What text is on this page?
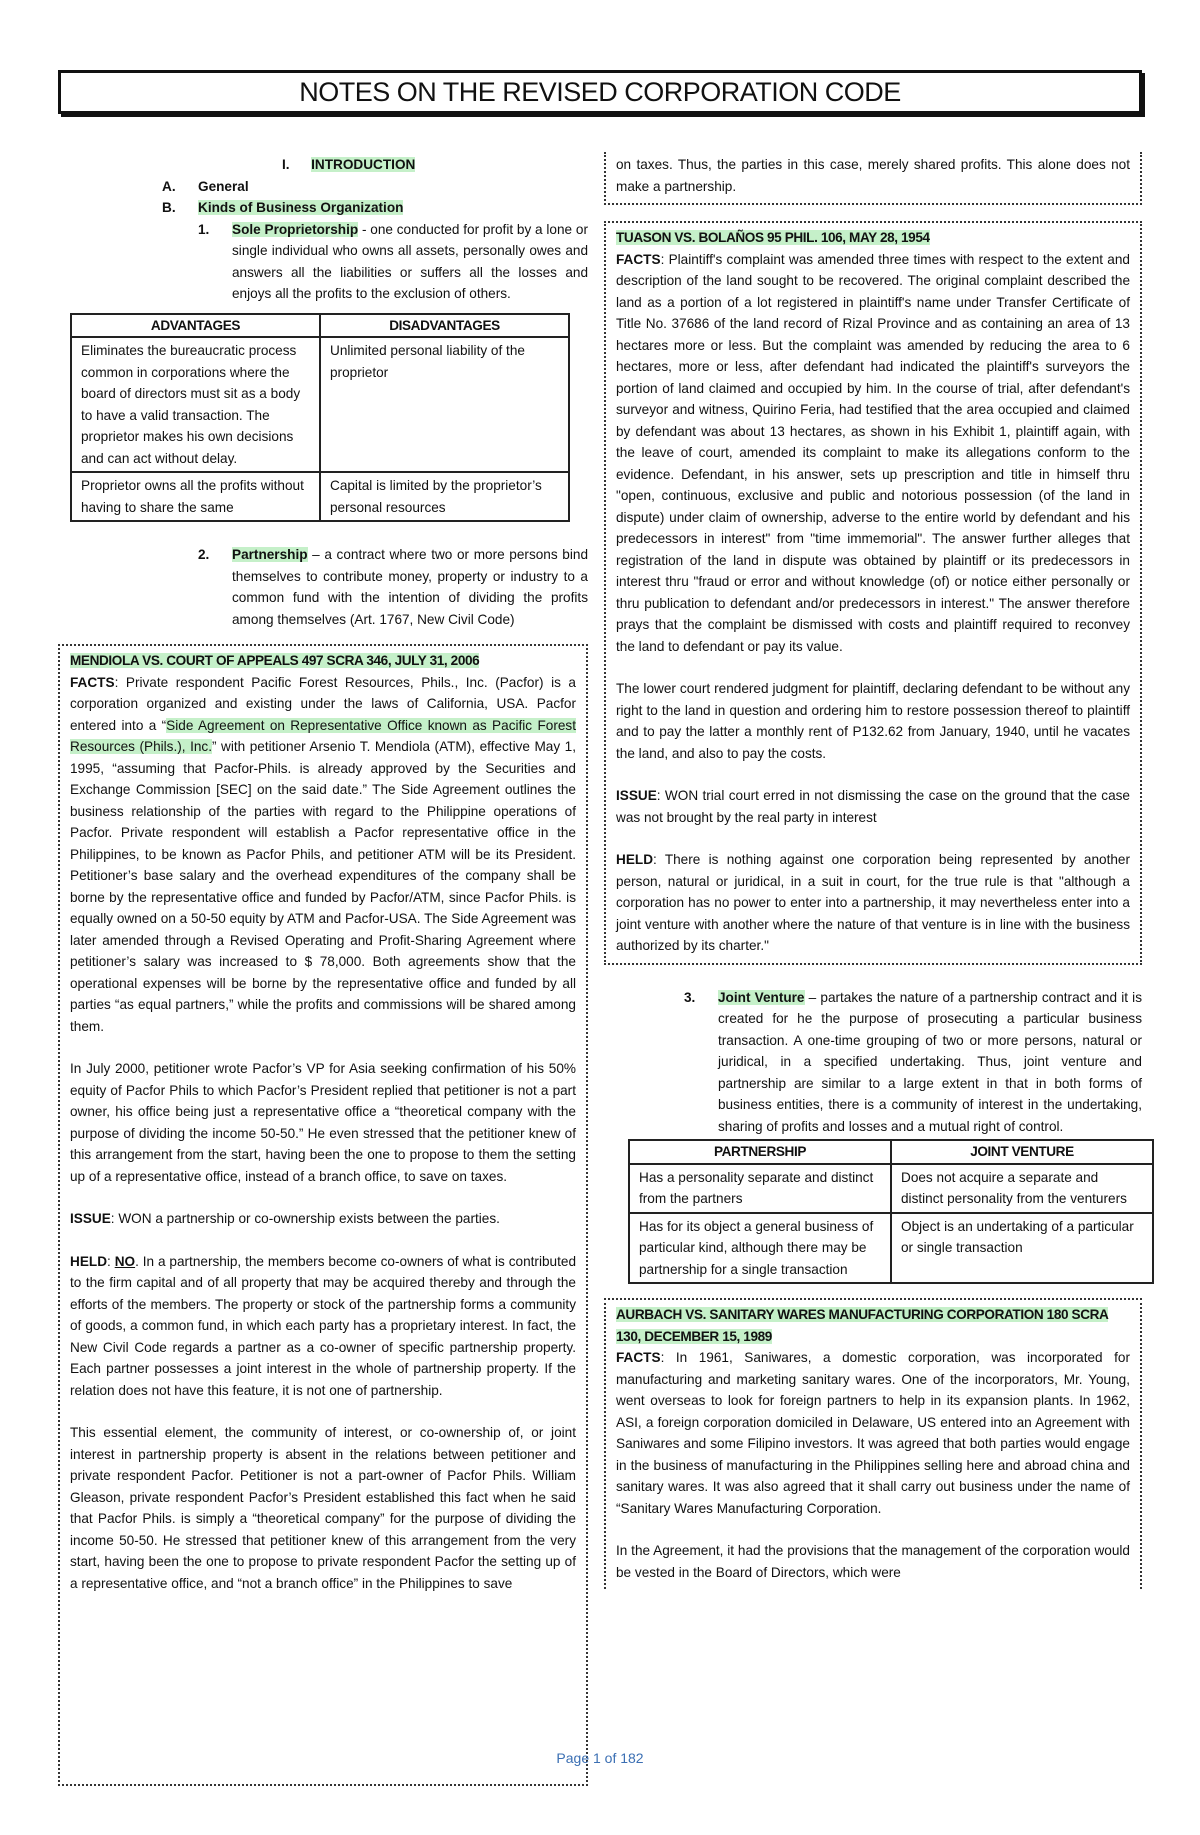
NOTES ON THE REVISED CORPORATION CODE
I. INTRODUCTION
A. General
B. Kinds of Business Organization
1.	Sole Proprietorship - one conducted for profit by a lone or single individual who owns all assets, personally owes and answers all the liabilities or suffers all the losses and enjoys all the profits to the exclusion of others.

ADVANTAGES	DISADVANTAGES
Eliminates the bureaucratic process common in corporations where the board of directors must sit as a body to have a valid transaction. The proprietor makes his own decisions and can act without delay.	Unlimited personal liability of the proprietor
Proprietor owns all the profits without having to share the same	Capital is limited by the proprietor’s personal resources
2.	Partnership – a contract where two or more persons bind themselves to contribute money, property or industry to a common fund with the intention of dividing the profits among themselves (Art. 1767, New Civil Code)

MENDIOLA VS. COURT OF APPEALS 497 SCRA 346, JULY 31, 2006

FACTS: Private respondent Pacific Forest Resources, Phils., Inc. (Pacfor) is a corporation organized and existing under the laws of California, USA. Pacfor entered into a “Side Agreement on Representative Office known as Pacific Forest Resources (Phils.), Inc.” with petitioner Arsenio T. Mendiola (ATM), effective May 1, 1995, “assuming that Pacfor-Phils. is already approved by the Securities and Exchange Commission [SEC] on the said date.” The Side Agreement outlines the business relationship of the parties with regard to the Philippine operations of Pacfor. Private respondent will establish a Pacfor representative office in the Philippines, to be known as Pacfor Phils, and petitioner ATM will be its President. Petitioner’s base salary and the overhead expenditures of the company shall be borne by the representative office and funded by Pacfor/ATM, since Pacfor Phils. is equally owned on a 50-50 equity by ATM and Pacfor-USA. The Side Agreement was later amended through a Revised Operating and Profit-Sharing Agreement where petitioner’s salary was increased to $ 78,000. Both agreements show that the operational expenses will be borne by the representative office and funded by all parties “as equal partners,” while the profits and commissions will be shared among them.

In July 2000, petitioner wrote Pacfor’s VP for Asia seeking confirmation of his 50% equity of Pacfor Phils to which Pacfor’s President replied that petitioner is not a part owner, his office being just a representative office a “theoretical company with the purpose of dividing the income 50-50.” He even stressed that the petitioner knew of this arrangement from the start, having been the one to propose to them the setting up of a representative office, instead of a branch office, to save on taxes.

ISSUE: WON a partnership or co-ownership exists between the parties.

HELD: NO. In a partnership, the members become co-owners of what is contributed to the firm capital and of all property that may be acquired thereby and through the efforts of the members. The property or stock of the partnership forms a community of goods, a common fund, in which each party has a proprietary interest. In fact, the New Civil Code regards a partner as a co-owner of specific partnership property. Each partner possesses a joint interest in the whole of partnership property. If the relation does not have this feature, it is not one of partnership.

This essential element, the community of interest, or co-ownership of, or joint interest in partnership property is absent in the relations between petitioner and private respondent Pacfor. Petitioner is not a part-owner of Pacfor Phils. William Gleason, private respondent Pacfor’s President established this fact when he said that Pacfor Phils. is simply a “theoretical company” for the purpose of dividing the income 50-50. He stressed that petitioner knew of this arrangement from the very start, having been the one to propose to private respondent Pacfor the setting up of a representative office, and “not a branch office” in the Philippines to save

on taxes. Thus, the parties in this case, merely shared profits. This alone does not make a partnership.

TUASON VS. BOLAÑOS 95 PHIL. 106, MAY 28, 1954

FACTS: Plaintiff's complaint was amended three times with respect to the extent and description of the land sought to be recovered. The original complaint described the land as a portion of a lot registered in plaintiff's name under Transfer Certificate of Title No. 37686 of the land record of Rizal Province and as containing an area of 13 hectares more or less. But the complaint was amended by reducing the area to 6 hectares, more or less, after defendant had indicated the plaintiff's surveyors the portion of land claimed and occupied by him. In the course of trial, after defendant's surveyor and witness, Quirino Feria, had testified that the area occupied and claimed by defendant was about 13 hectares, as shown in his Exhibit 1, plaintiff again, with the leave of court, amended its complaint to make its allegations conform to the evidence. Defendant, in his answer, sets up prescription and title in himself thru "open, continuous, exclusive and public and notorious possession (of the land in dispute) under claim of ownership, adverse to the entire world by defendant and his predecessors in interest" from "time immemorial". The answer further alleges that registration of the land in dispute was obtained by plaintiff or its predecessors in interest thru "fraud or error and without knowledge (of) or notice either personally or thru publication to defendant and/or predecessors in interest." The answer therefore prays that the complaint be dismissed with costs and plaintiff required to reconvey the land to defendant or pay its value.

The lower court rendered judgment for plaintiff, declaring defendant to be without any right to the land in question and ordering him to restore possession thereof to plaintiff and to pay the latter a monthly rent of P132.62 from January, 1940, until he vacates the land, and also to pay the costs.

ISSUE: WON trial court erred in not dismissing the case on the ground that the case was not brought by the real party in interest

HELD: There is nothing against one corporation being represented by another person, natural or juridical, in a suit in court, for the true rule is that "although a corporation has no power to enter into a partnership, it may nevertheless enter into a joint venture with another where the nature of that venture is in line with the business authorized by its charter."

3.	Joint Venture – partakes the nature of a partnership contract and it is created for he the purpose of prosecuting a particular business transaction. A one-time grouping of two or more persons, natural or juridical, in a specified undertaking. Thus, joint venture and partnership are similar to a large extent in that in both forms of business entities, there is a community of interest in the undertaking, sharing of profits and losses and a mutual right of control.

PARTNERSHIP	JOINT VENTURE
Has a personality separate and distinct from the partners	Does not acquire a separate and distinct personality from the venturers
Has for its object a general business of particular kind, although there may be partnership for a single transaction	Object is an undertaking of a particular or single transaction

AURBACH VS. SANITARY WARES MANUFACTURING CORPORATION 180 SCRA 130, DECEMBER 15, 1989

FACTS: In 1961, Saniwares, a domestic corporation, was incorporated for manufacturing and marketing sanitary wares. One of the incorporators, Mr. Young, went overseas to look for foreign partners to help in its expansion plants. In 1962, ASI, a foreign corporation domiciled in Delaware, US entered into an Agreement with Saniwares and some Filipino investors. It was agreed that both parties would engage in the business of manufacturing in the Philippines selling here and abroad china and sanitary wares. It was also agreed that it shall carry out business under the name of “Sanitary Wares Manufacturing Corporation.

In the Agreement, it had the provisions that the management of the corporation would be vested in the Board of Directors, which were

Page 1 of 182
